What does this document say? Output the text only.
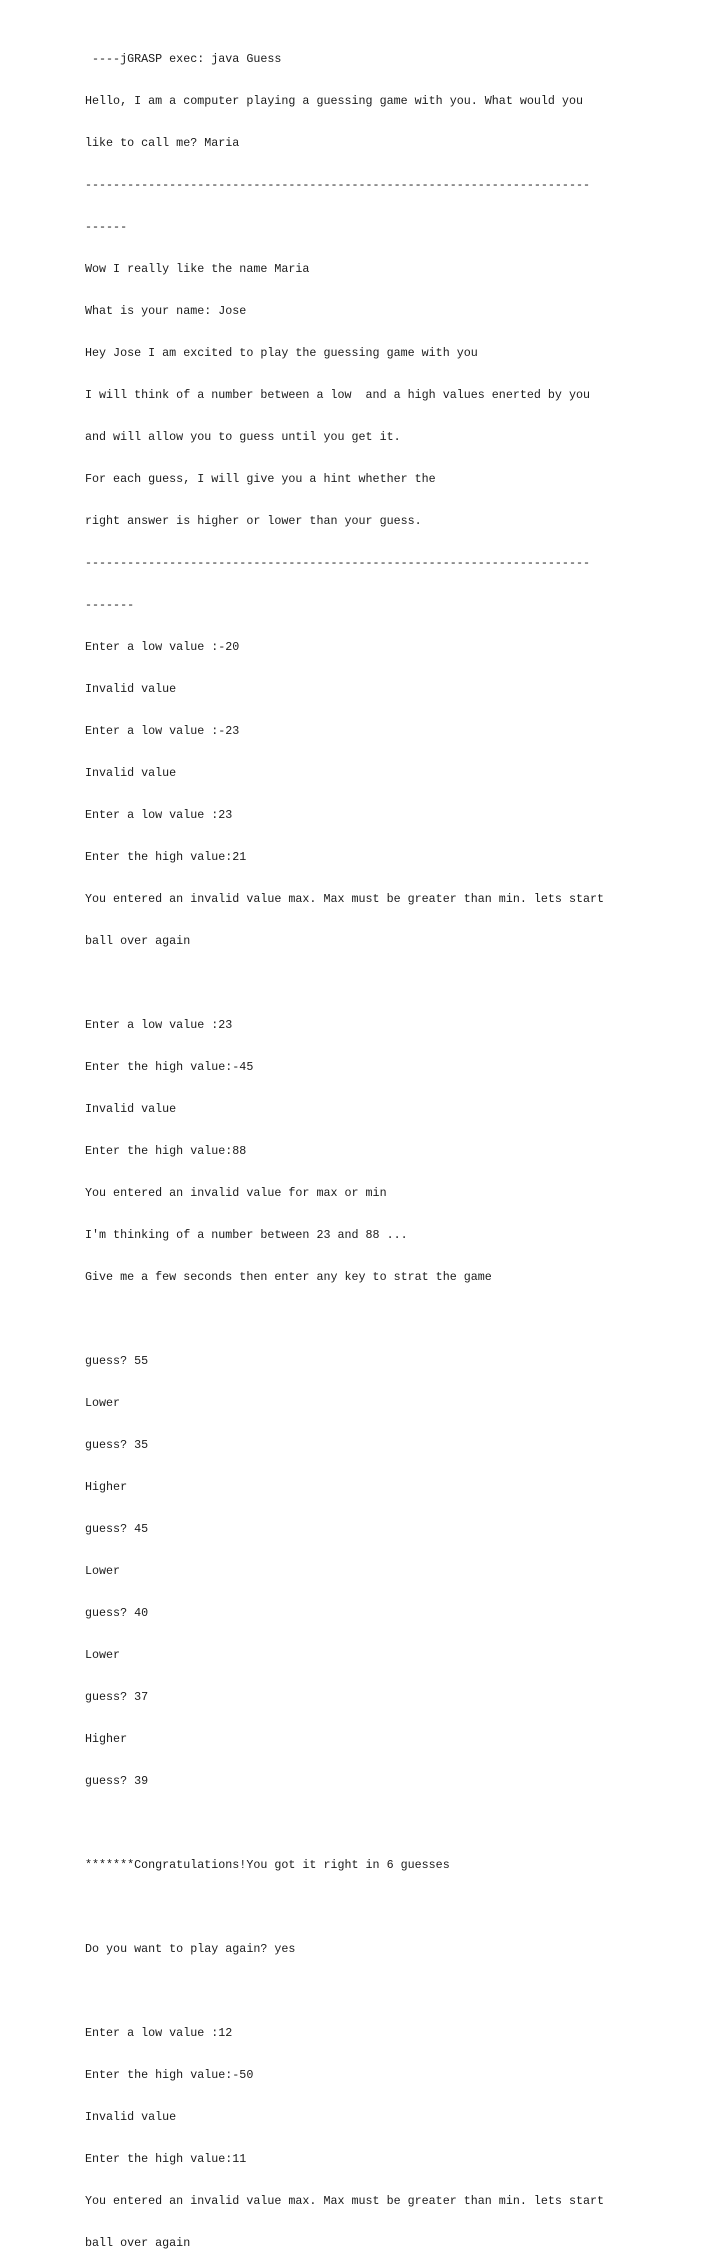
----jGRASP exec: java Guess

Hello, I am a computer playing a guessing game with you. What would you

like to call me? Maria

------------------------------------------------------------------------

------

Wow I really like the name Maria

What is your name: Jose

Hey Jose I am excited to play the guessing game with you

I will think of a number between a low  and a high values enerted by you

and will allow you to guess until you get it.

For each guess, I will give you a hint whether the

right answer is higher or lower than your guess.

------------------------------------------------------------------------

-------

Enter a low value :-20

Invalid value

Enter a low value :-23

Invalid value

Enter a low value :23

Enter the high value:21

You entered an invalid value max. Max must be greater than min. lets start

ball over again

Enter a low value :23

Enter the high value:-45

Invalid value

Enter the high value:88

You entered an invalid value for max or min

I'm thinking of a number between 23 and 88 ...

Give me a few seconds then enter any key to strat the game

guess? 55

Lower

guess? 35

Higher

guess? 45

Lower

guess? 40

Lower

guess? 37

Higher

guess? 39

*******Congratulations!You got it right in 6 guesses

Do you want to play again? yes

Enter a low value :12

Enter the high value:-50

Invalid value

Enter the high value:11

You entered an invalid value max. Max must be greater than min. lets start

ball over again
